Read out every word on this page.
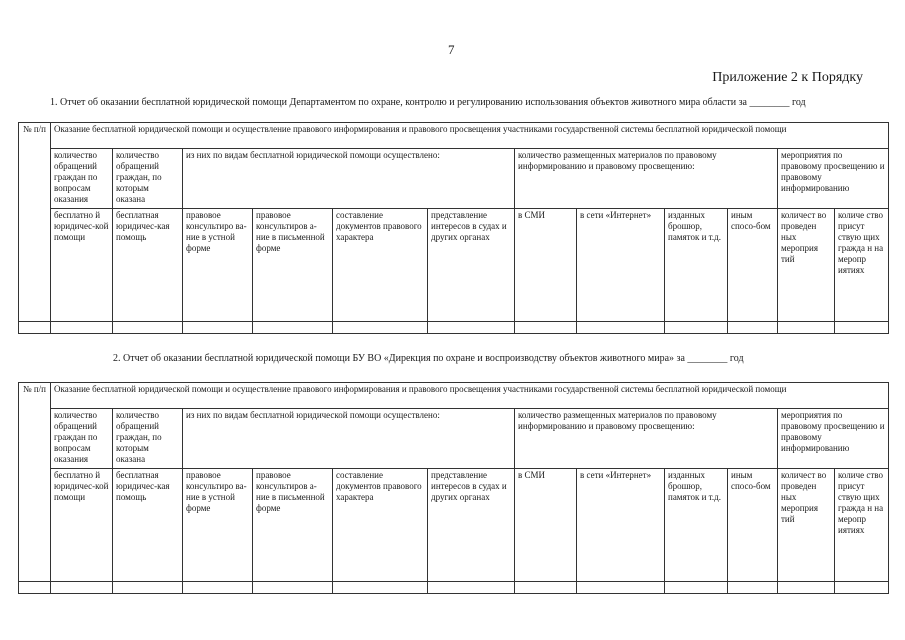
7
Приложение 2 к Порядку
1. Отчет об оказании бесплатной юридической помощи Департаментом по охране, контролю и регулированию использования объектов животного мира области за ________ год
№ п/п	Оказание бесплатной юридической помощи и осуществление правового информирования и правового просвещения участниками государственной системы бесплатной юридической помощи											
	количество обращений граждан по вопросам оказания	количество обращений граждан, по которым оказана	из них по видам бесплатной юридической помощи осуществлено:				количество размещенных материалов по правовому информированию и правовому просвещению:				мероприятия по правовому просвещению и правовому информированию	
	бесплатно й юридичес-кой помощи	бесплатная юридичес-кая помощь	правовое консультиро ва-ние в устной форме	правовое консультиров а-ние в письменной форме	составление документов правового характера	представление интересов в судах и других органах	в СМИ	в сети «Интернет»	изданных брошюр, памяток и т.д.	иным спосо-бом	количест во проведен ных мероприя тий	количе ство присут ствую щих гражда н на меропр иятиях

2. Отчет об оказании бесплатной юридической помощи БУ ВО «Дирекция по охране и воспроизводству объектов животного мира» за ________ год
№ п/п	Оказание бесплатной юридической помощи и осуществление правового информирования и правового просвещения участниками государственной системы бесплатной юридической помощи											
	количество обращений граждан по вопросам оказания	количество обращений граждан, по которым оказана	из них по видам бесплатной юридической помощи осуществлено:				количество размещенных материалов по правовому информированию и правовому просвещению:				мероприятия по правовому просвещению и правовому информированию	
	бесплатно й юридичес-кой помощи	бесплатная юридичес-кая помощь	правовое консультиро ва-ние в устной форме	правовое консультиров а-ние в письменной форме	составление документов правового характера	представление интересов в судах и других органах	в СМИ	в сети «Интернет»	изданных брошюр, памяток и т.д.	иным спосо-бом	количест во проведен ных мероприя тий	количе ство присут ствую щих гражда н на меропр иятиях
